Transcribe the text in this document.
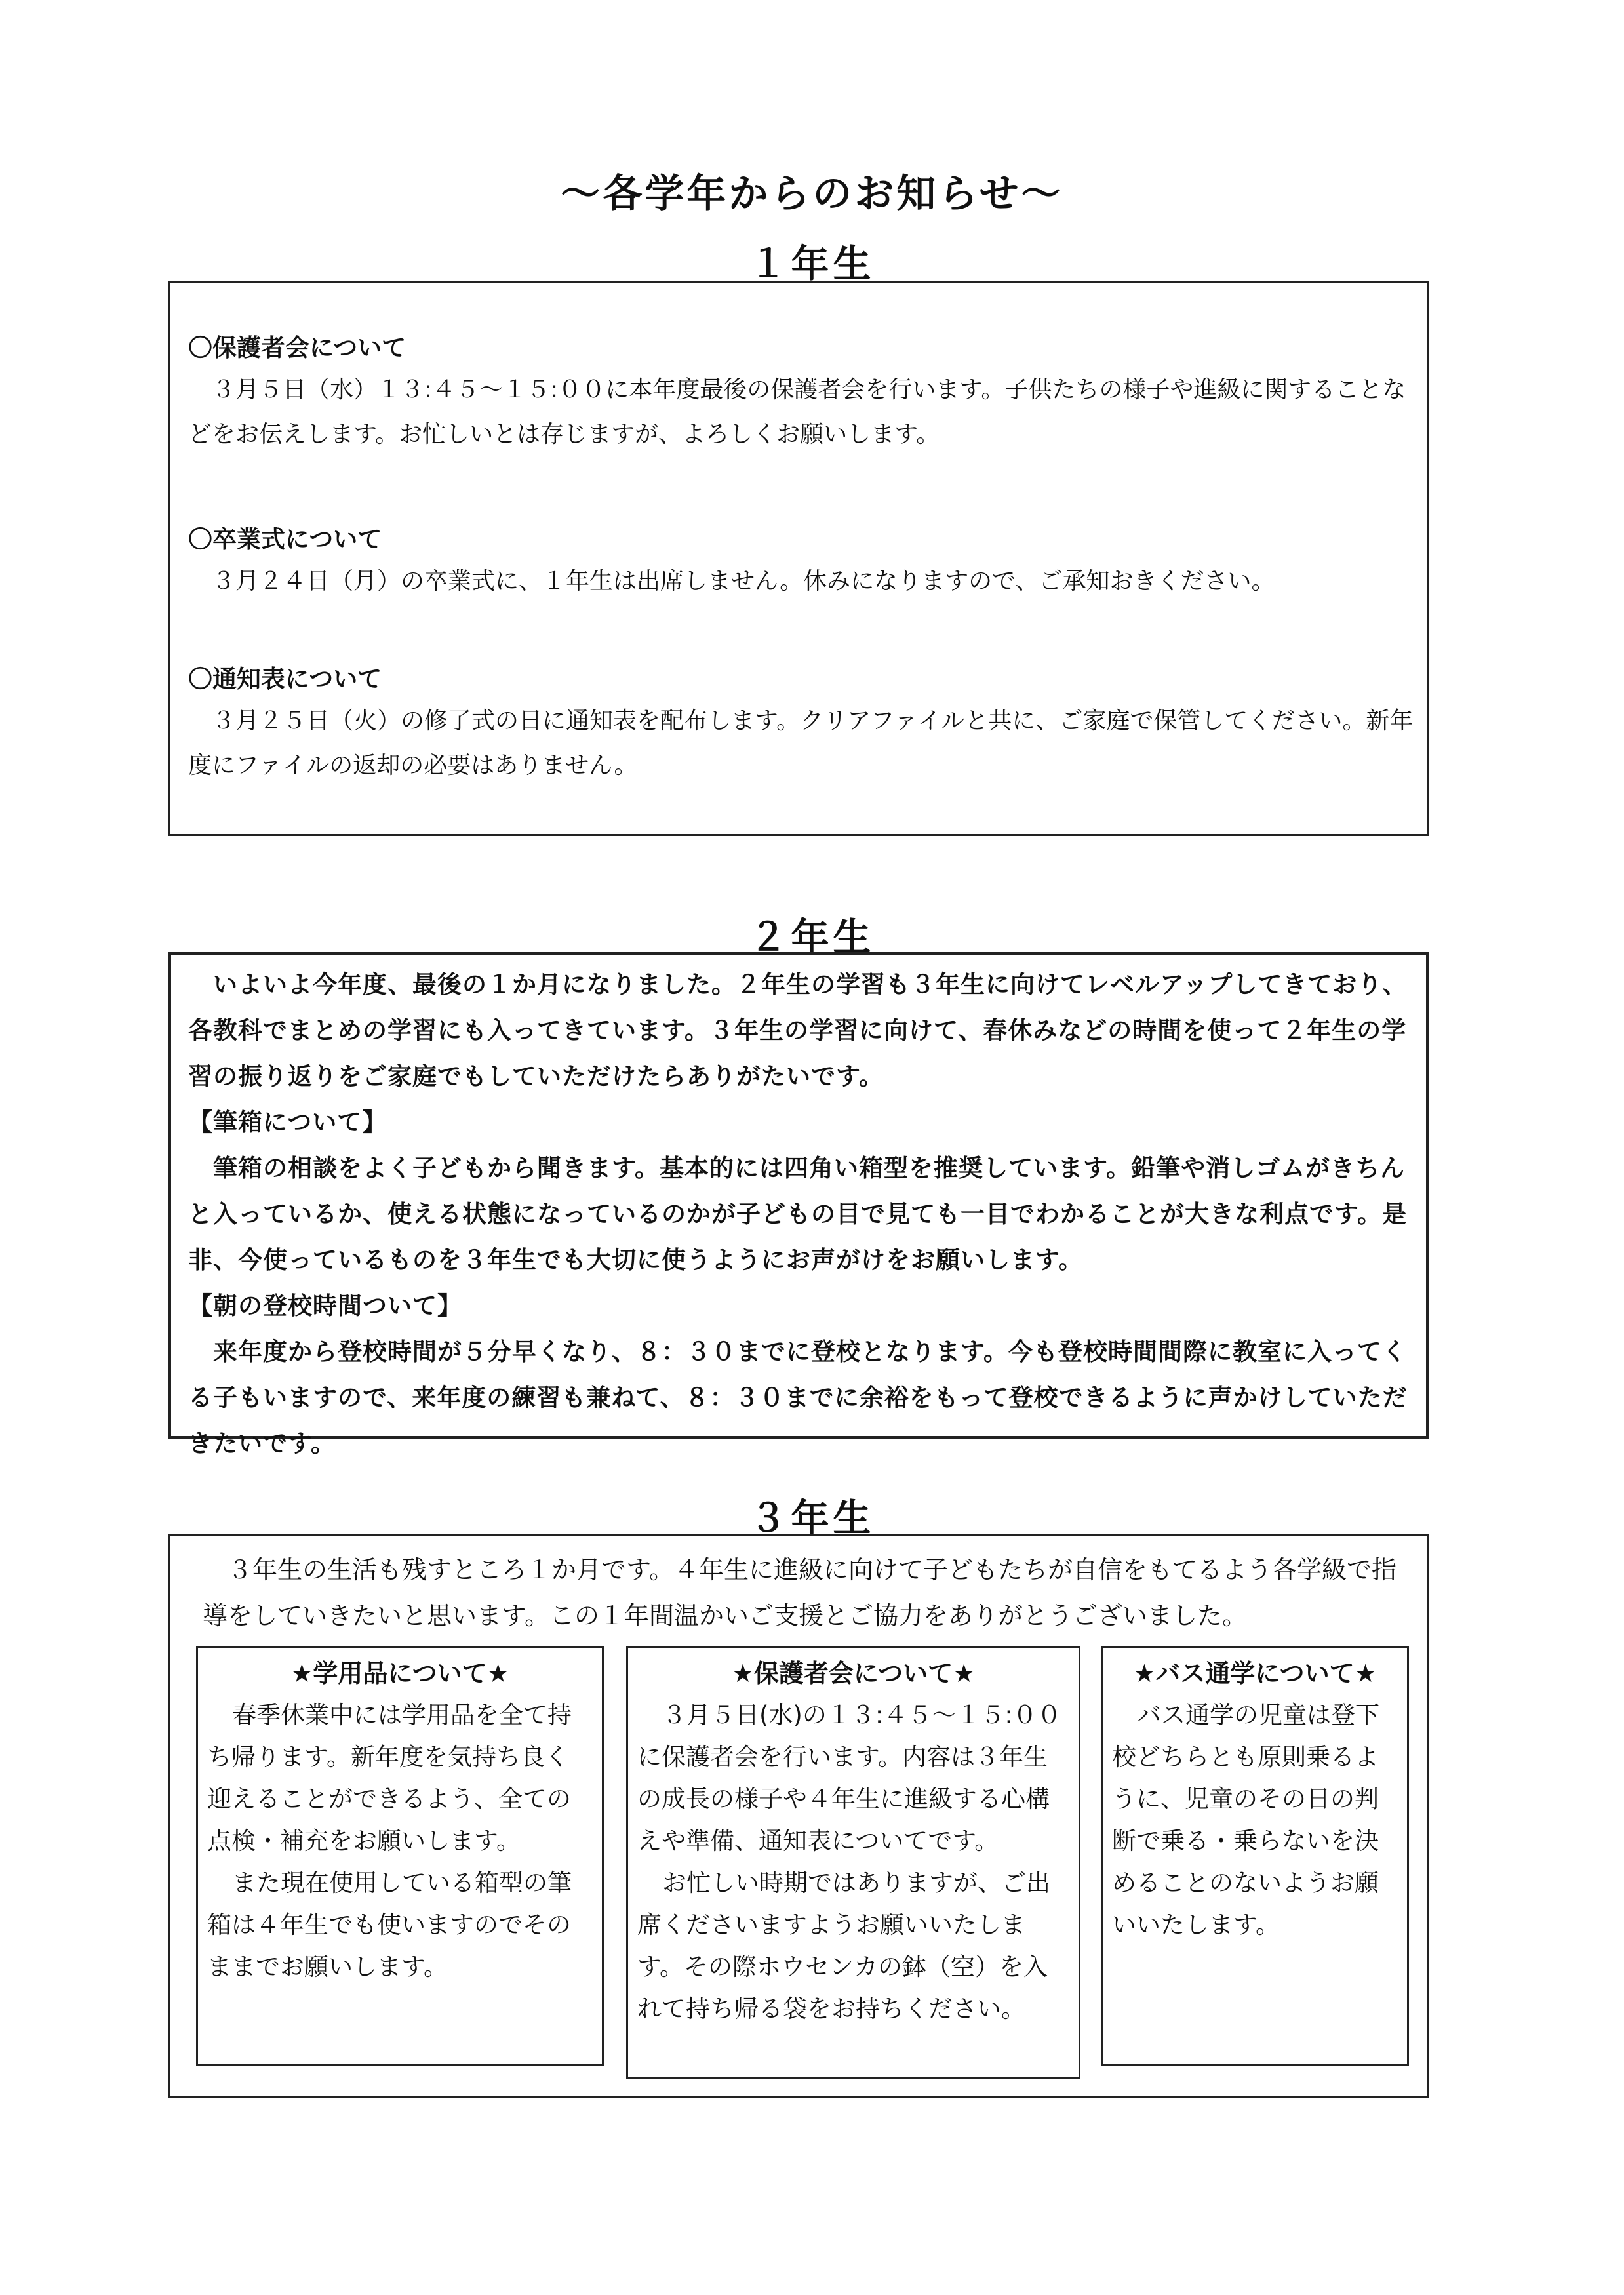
〜各学年からのお知らせ〜
１年生
〇保護者会について
３月５日（水）１３:４５〜１５:００に本年度最後の保護者会を行います。子供たちの様子や進級に関することなどをお伝えします。お忙しいとは存じますが、よろしくお願いします。
〇卒業式について
３月２４日（月）の卒業式に、１年生は出席しません。休みになりますので、ご承知おきください。
〇通知表について
３月２５日（火）の修了式の日に通知表を配布します。クリアファイルと共に、ご家庭で保管してください。新年度にファイルの返却の必要はありません。
２年生

いよいよ今年度、最後の１か月になりました。２年生の学習も３年生に向けてレベルアップしてきており、各教科でまとめの学習にも入ってきています。３年生の学習に向けて、春休みなどの時間を使って２年生の学習の振り返りをご家庭でもしていただけたらありがたいです。

【筆箱について】

筆箱の相談をよく子どもから聞きます。基本的には四角い箱型を推奨しています。鉛筆や消しゴムがきちんと入っているか、使える状態になっているのかが子どもの目で見ても一目でわかることが大きな利点です。是非、今使っているものを３年生でも大切に使うようにお声がけをお願いします。

【朝の登校時間ついて】

来年度から登校時間が５分早くなり、８：３０までに登校となります。今も登校時間間際に教室に入ってくる子もいますので、来年度の練習も兼ねて、８：３０までに余裕をもって登校できるように声かけしていただきたいです。

３年生

３年生の生活も残すところ１か月です。４年生に進級に向けて子どもたちが自信をもてるよう各学級で指導をしていきたいと思います。この１年間温かいご支援とご協力をありがとうございました。

★学用品について★

春季休業中には学用品を全て持ち帰ります。新年度を気持ち良く迎えることができるよう、全ての点検・補充をお願いします。

また現在使用している箱型の筆箱は４年生でも使いますのでそのままでお願いします。

★保護者会について★

３月５日(水)の１３:４５〜１５:００に保護者会を行います。内容は３年生の成長の様子や４年生に進級する心構えや準備、通知表についてです。

お忙しい時期ではありますが、ご出席くださいますようお願いいたします。その際ホウセンカの鉢（空）を入れて持ち帰る袋をお持ちください。

★バス通学について★

バス通学の児童は登下校どちらとも原則乗るように、児童のその日の判断で乗る・乗らないを決めることのないようお願いいたします。
